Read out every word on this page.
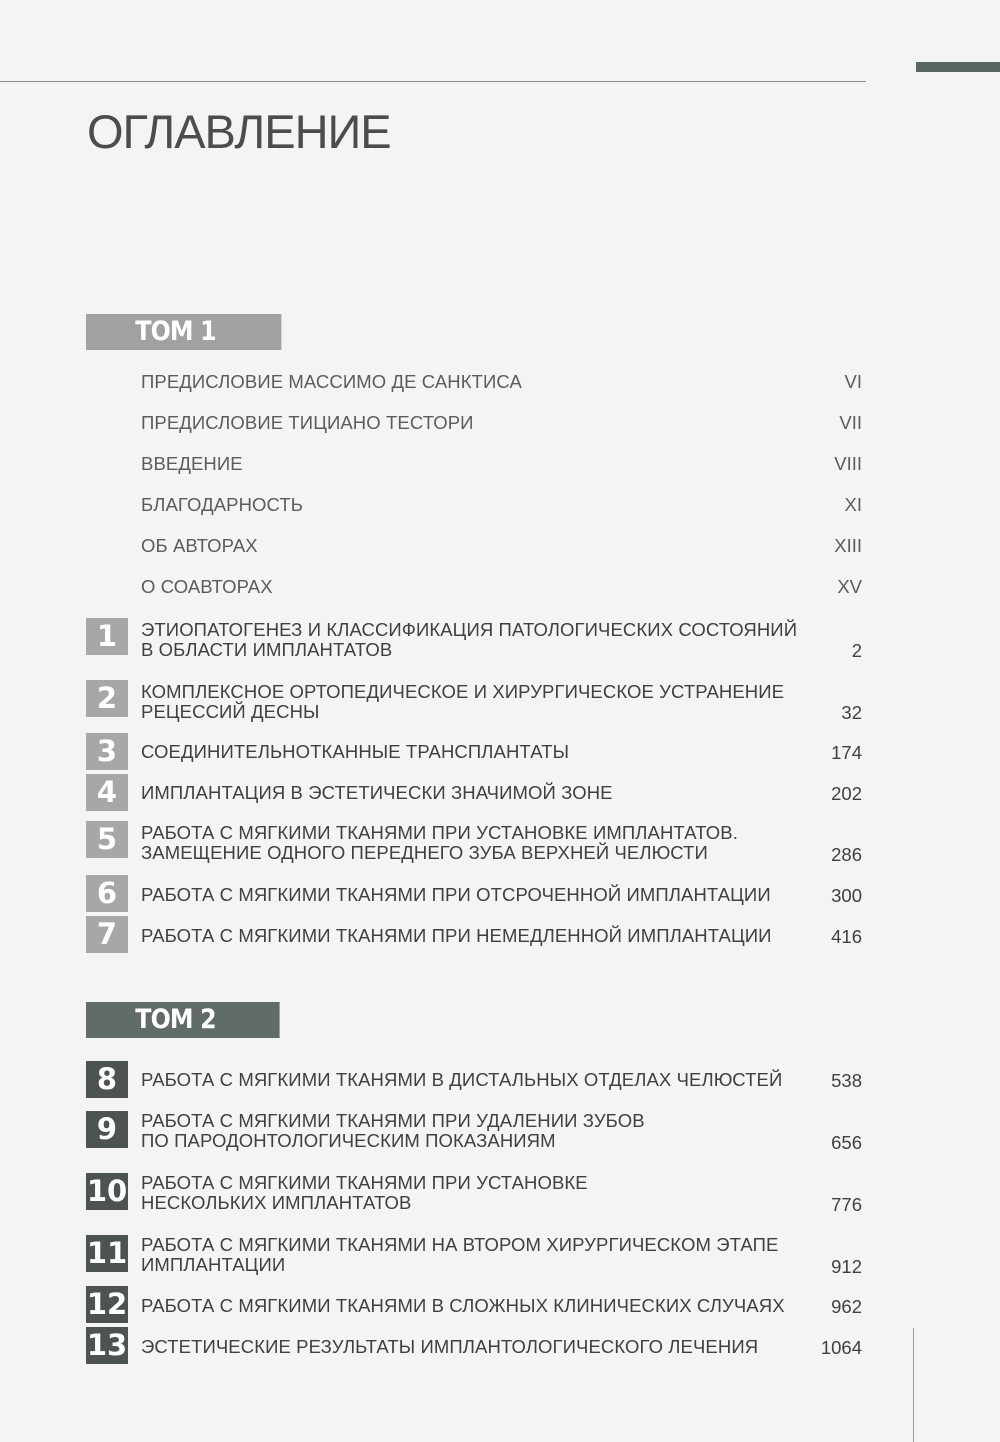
ОГЛАВЛЕНИЕ
ТОМ 1
ПРЕДИСЛОВИЕ МАССИМО ДЕ САНКТИСА	VI
ПРЕДИСЛОВИЕ ТИЦИАНО ТЕСТОРИ	VII
ВВЕДЕНИЕ	VIII
БЛАГОДАРНОСТЬ	XI
ОБ АВТОРАХ	XIII
О СОАВТОРАХ	XV
1	ЭТИОПАТОГЕНЕЗ И КЛАССИФИКАЦИЯ ПАТОЛОГИЧЕСКИХ СОСТОЯНИЙ
В ОБЛАСТИ ИМПЛАНТАТОВ	2
2	КОМПЛЕКСНОЕ ОРТОПЕДИЧЕСКОЕ И ХИРУРГИЧЕСКОЕ УСТРАНЕНИЕ
РЕЦЕССИЙ ДЕСНЫ	32
3	СОЕДИНИТЕЛЬНОТКАННЫЕ ТРАНСПЛАНТАТЫ	174
4	ИМПЛАНТАЦИЯ В ЭСТЕТИЧЕСКИ ЗНАЧИМОЙ ЗОНЕ	202
5	РАБОТА С МЯГКИМИ ТКАНЯМИ ПРИ УСТАНОВКЕ ИМПЛАНТАТОВ.
ЗАМЕЩЕНИЕ ОДНОГО ПЕРЕДНЕГО ЗУБА ВЕРХНЕЙ ЧЕЛЮСТИ	286
6	РАБОТА С МЯГКИМИ ТКАНЯМИ ПРИ ОТСРОЧЕННОЙ ИМПЛАНТАЦИИ	300
7	РАБОТА С МЯГКИМИ ТКАНЯМИ ПРИ НЕМЕДЛЕННОЙ ИМПЛАНТАЦИИ	416
ТОМ 2
8	РАБОТА С МЯГКИМИ ТКАНЯМИ В ДИСТАЛЬНЫХ ОТДЕЛАХ ЧЕЛЮСТЕЙ	538
9	РАБОТА С МЯГКИМИ ТКАНЯМИ ПРИ УДАЛЕНИИ ЗУБОВ
ПО ПАРОДОНТОЛОГИЧЕСКИМ ПОКАЗАНИЯМ	656
10 РАБОТА С МЯГКИМИ ТКАНЯМИ ПРИ УСТАНОВКЕ
НЕСКОЛЬКИХ ИМПЛАНТАТОВ	776
11 РАБОТА С МЯГКИМИ ТКАНЯМИ НА ВТОРОМ ХИРУРГИЧЕСКОМ ЭТАПЕ
ИМПЛАНТАЦИИ	912
12 РАБОТА С МЯГКИМИ ТКАНЯМИ В СЛОЖНЫХ КЛИНИЧЕСКИХ СЛУЧАЯХ	962
13 ЭСТЕТИЧЕСКИЕ РЕЗУЛЬТАТЫ ИМПЛАНТОЛОГИЧЕСКОГО ЛЕЧЕНИЯ	1064
